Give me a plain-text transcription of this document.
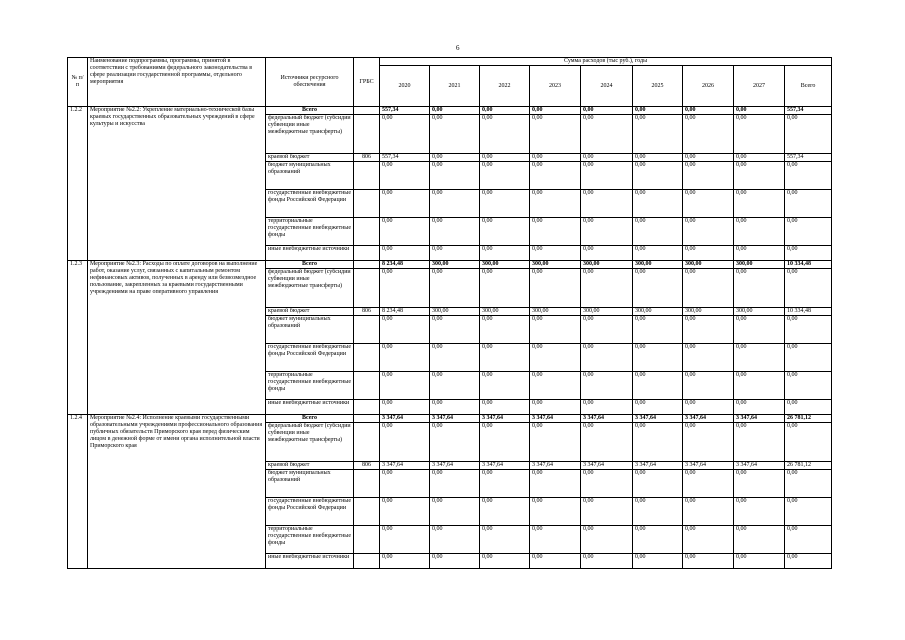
6
№ п/п	Наименование подпрограммы, программы, принятой в соответствии с требованиями федерального законодательства в сфере реализации государственной программы, отдельного мероприятия	Источники ресурсного обеспечения	ГРБС	Сумма расходов (тыс руб.), годы								
				2020	2021	2022	2023	2024	2025	2026	2027	Всего
1.2.2	Мероприятие №2.2: Укрепление материально-технической базы краевых государственных образовательных учреждений в сфере культуры и искусства	Всего		557,34	0,00	0,00	0,00	0,00	0,00	0,00	0,00	557,34
		федеральный бюджет (субсидии субвенции иные межбюджетные трансферты)		0,00	0,00	0,00	0,00	0,00	0,00	0,00	0,00	0,00
		краевой бюджет	806	557,34	0,00	0,00	0,00	0,00	0,00	0,00	0,00	557,34
		бюджет муниципальных образований		0,00	0,00	0,00	0,00	0,00	0,00	0,00	0,00	0,00
		государственные внебюджетные фонды Российской Федерации		0,00	0,00	0,00	0,00	0,00	0,00	0,00	0,00	0,00
		территориальные государственные внебюджетные фонды		0,00	0,00	0,00	0,00	0,00	0,00	0,00	0,00	0,00
		иные внебюджетные источники		0,00	0,00	0,00	0,00	0,00	0,00	0,00	0,00	0,00
1.2.3	Мероприятие №2.3: Расходы по оплате договоров на выполнение работ, оказание услуг, связанных с капитальным ремонтом нефинансовых активов, полученных в аренду или безвозмездное пользование, закрепленных за краевыми государственными учреждениями на праве оперативного управления	Всего		8 234,48	300,00	300,00	300,00	300,00	300,00	300,00	300,00	10 334,48
		федеральный бюджет (субсидии субвенции иные межбюджетные трансферты)		0,00	0,00	0,00	0,00	0,00	0,00	0,00	0,00	0,00
		краевой бюджет	806	8 234,48	300,00	300,00	300,00	300,00	300,00	300,00	300,00	10 334,48
		бюджет муниципальных образований		0,00	0,00	0,00	0,00	0,00	0,00	0,00	0,00	0,00
		государственные внебюджетные фонды Российской Федерации		0,00	0,00	0,00	0,00	0,00	0,00	0,00	0,00	0,00
		территориальные государственные внебюджетные фонды		0,00	0,00	0,00	0,00	0,00	0,00	0,00	0,00	0,00
		иные внебюджетные источники		0,00	0,00	0,00	0,00	0,00	0,00	0,00	0,00	0,00
1.2.4	Мероприятие №2.4: Исполнение краевыми государственными образовательными учреждениями профессионального образования публичных обязательств Приморского края перед физическим лицом в денежной форме от имени органа исполнительной власти Приморского края	Всего		3 347,64	3 347,64	3 347,64	3 347,64	3 347,64	3 347,64	3 347,64	3 347,64	26 781,12
		федеральный бюджет (субсидии субвенции иные межбюджетные трансферты)		0,00	0,00	0,00	0,00	0,00	0,00	0,00	0,00	0,00
		краевой бюджет	806	3 347,64	3 347,64	3 347,64	3 347,64	3 347,64	3 347,64	3 347,64	3 347,64	26 781,12
		бюджет муниципальных образований		0,00	0,00	0,00	0,00	0,00	0,00	0,00	0,00	0,00
		государственные внебюджетные фонды Российской Федерации		0,00	0,00	0,00	0,00	0,00	0,00	0,00	0,00	0,00
		территориальные государственные внебюджетные фонды		0,00	0,00	0,00	0,00	0,00	0,00	0,00	0,00	0,00
		иные внебюджетные источники		0,00	0,00	0,00	0,00	0,00	0,00	0,00	0,00	0,00
